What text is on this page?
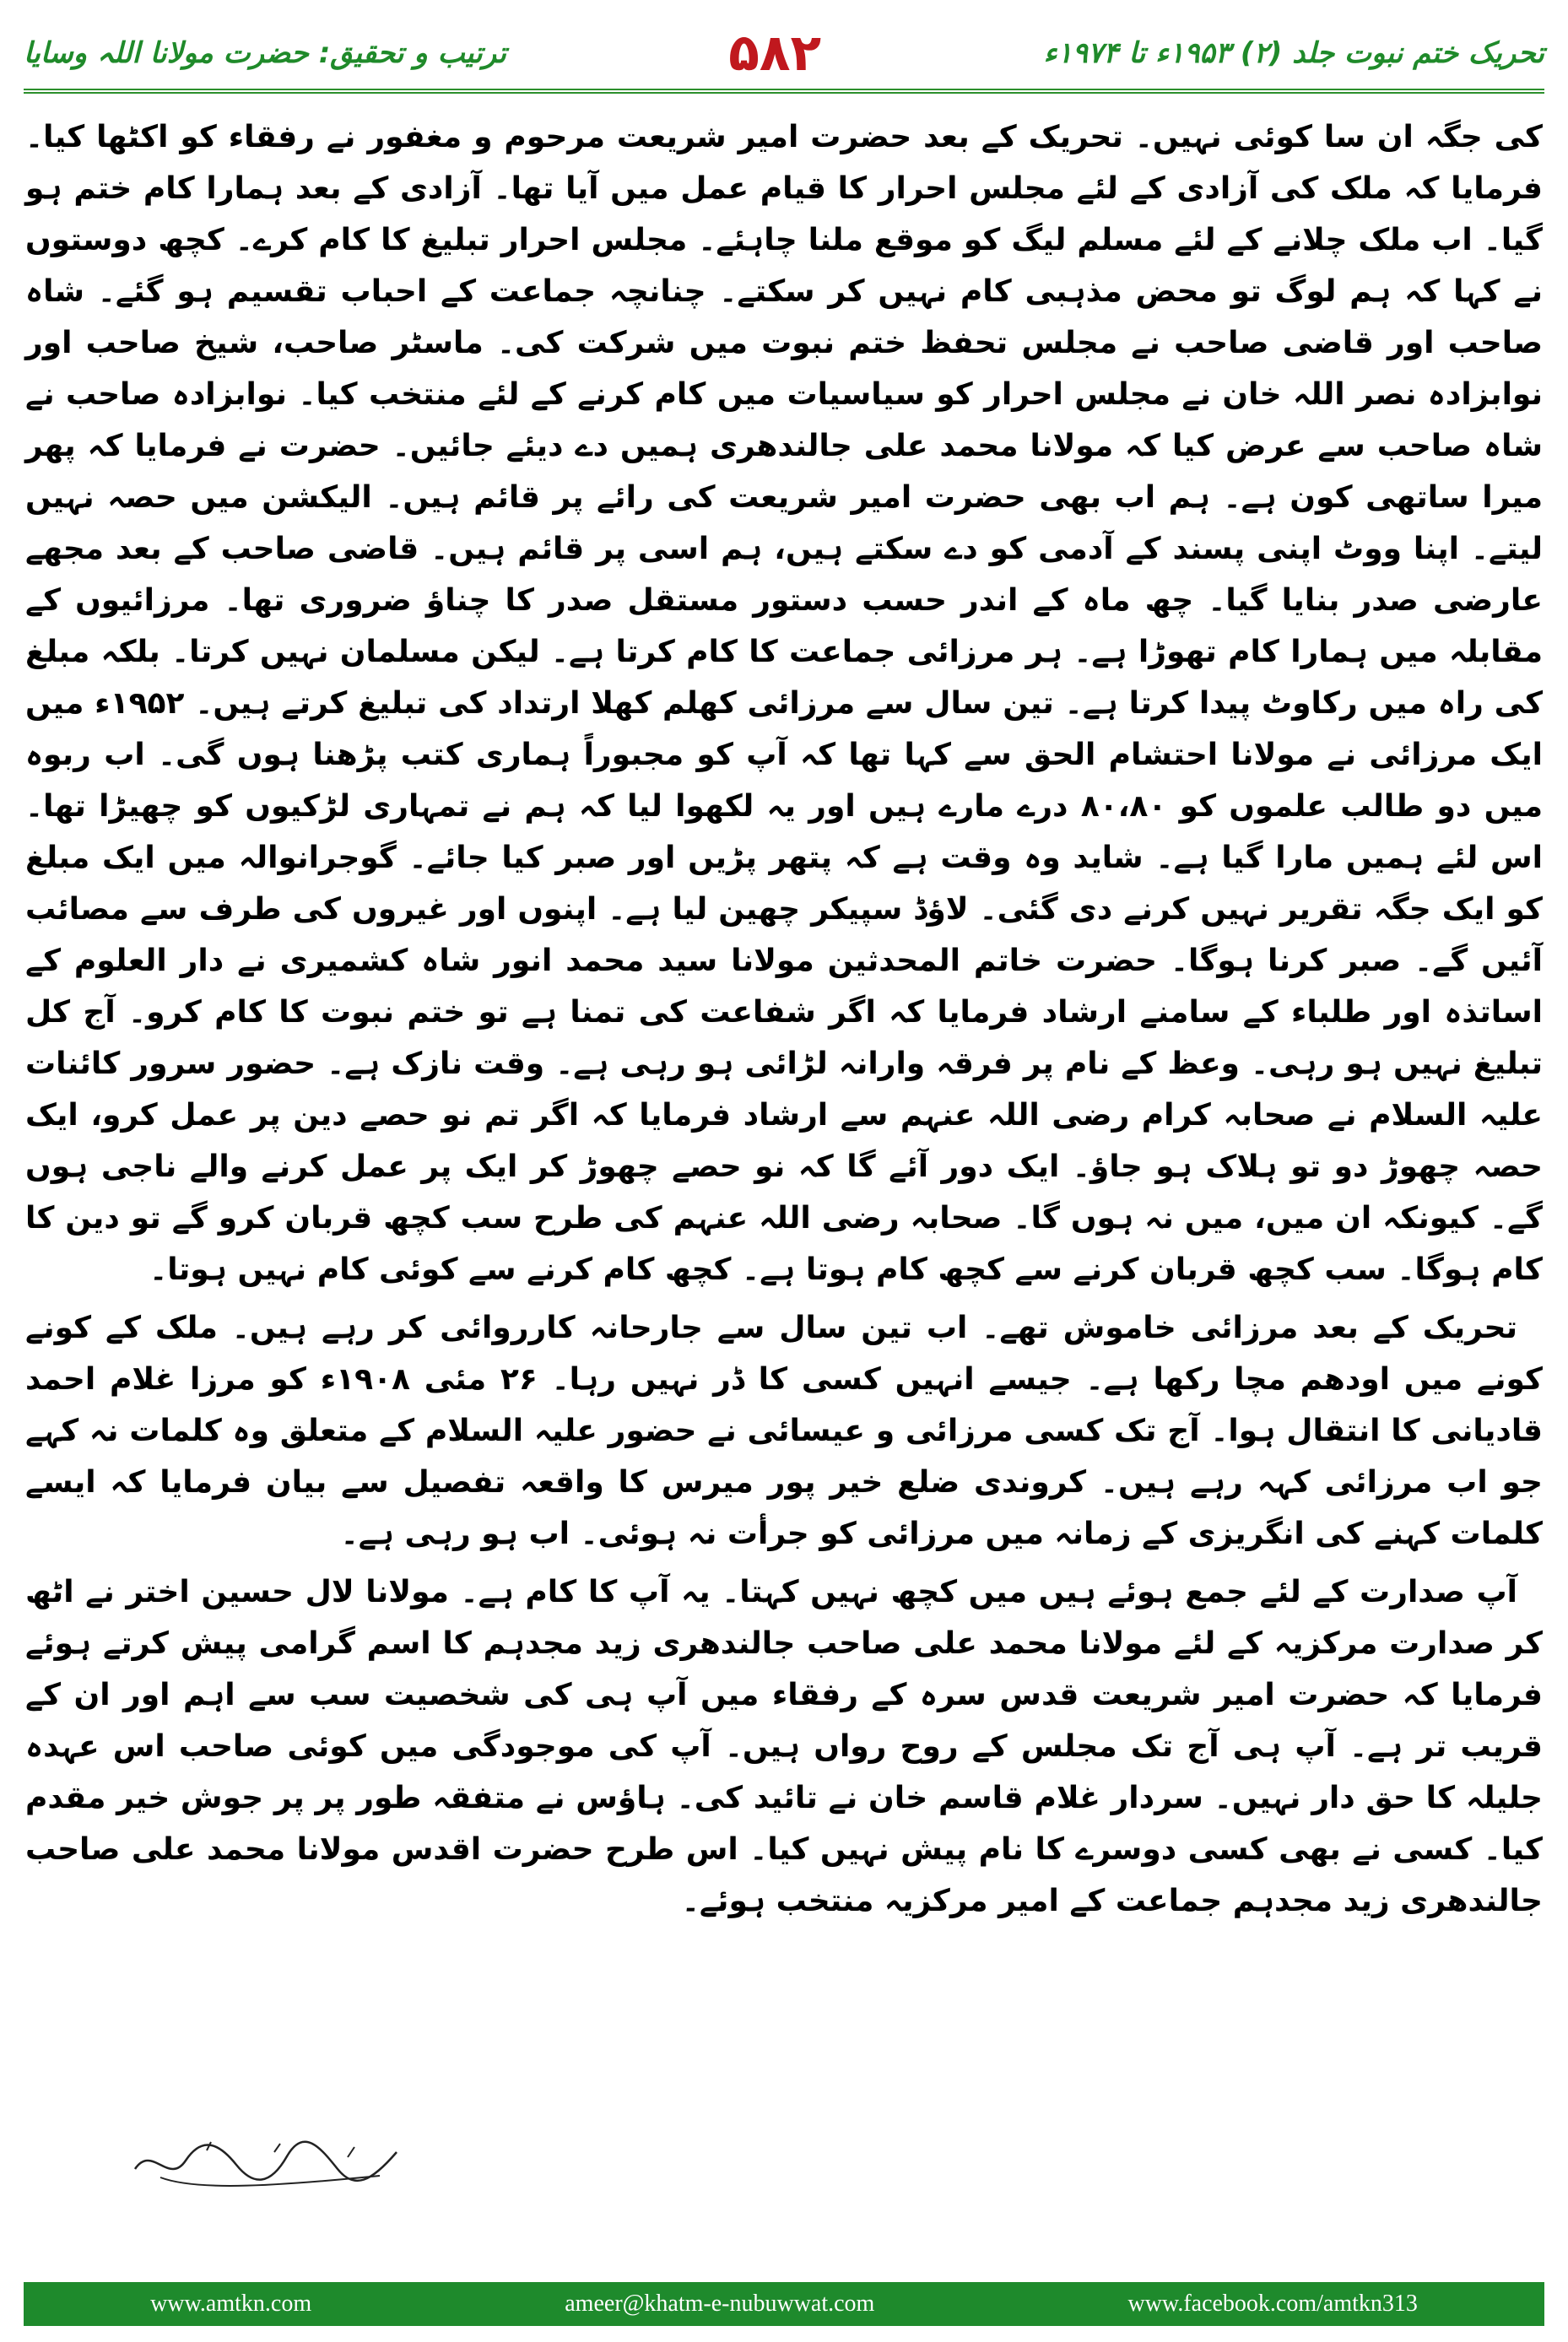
تحریک ختم نبوت جلد (۲) ۱۹۵۳ء تا ۱۹۷۴ء
۵۸۲
ترتیب و تحقیق: حضرت مولانا اللہ وسایا

کی جگہ ان سا کوئی نہیں۔ تحریک کے بعد حضرت امیر شریعت مرحوم و مغفور نے رفقاء کو اکٹھا کیا۔ فرمایا کہ ملک کی آزادی کے لئے مجلس احرار کا قیام عمل میں آیا تھا۔ آزادی کے بعد ہمارا کام ختم ہو گیا۔ اب ملک چلانے کے لئے مسلم لیگ کو موقع ملنا چاہئے۔ مجلس احرار تبلیغ کا کام کرے۔ کچھ دوستوں نے کہا کہ ہم لوگ تو محض مذہبی کام نہیں کر سکتے۔ چنانچہ جماعت کے احباب تقسیم ہو گئے۔ شاہ صاحب اور قاضی صاحب نے مجلس تحفظ ختم نبوت میں شرکت کی۔ ماسٹر صاحب، شیخ صاحب اور نوابزادہ نصر اللہ خان نے مجلس احرار کو سیاسیات میں کام کرنے کے لئے منتخب کیا۔ نوابزادہ صاحب نے شاہ صاحب سے عرض کیا کہ مولانا محمد علی جالندھری ہمیں دے دیئے جائیں۔ حضرت نے فرمایا کہ پھر میرا ساتھی کون ہے۔ ہم اب بھی حضرت امیر شریعت کی رائے پر قائم ہیں۔ الیکشن میں حصہ نہیں لیتے۔ اپنا ووٹ اپنی پسند کے آدمی کو دے سکتے ہیں، ہم اسی پر قائم ہیں۔ قاضی صاحب کے بعد مجھے عارضی صدر بنایا گیا۔ چھ ماہ کے اندر حسب دستور مستقل صدر کا چناؤ ضروری تھا۔ مرزائیوں کے مقابلہ میں ہمارا کام تھوڑا ہے۔ ہر مرزائی جماعت کا کام کرتا ہے۔ لیکن مسلمان نہیں کرتا۔ بلکہ مبلغ کی راہ میں رکاوٹ پیدا کرتا ہے۔ تین سال سے مرزائی کھلم کھلا ارتداد کی تبلیغ کرتے ہیں۔ ۱۹۵۲ء میں ایک مرزائی نے مولانا احتشام الحق سے کہا تھا کہ آپ کو مجبوراً ہماری کتب پڑھنا ہوں گی۔ اب ربوہ میں دو طالب علموں کو ۸۰،۸۰ درے مارے ہیں اور یہ لکھوا لیا کہ ہم نے تمہاری لڑکیوں کو چھیڑا تھا۔ اس لئے ہمیں مارا گیا ہے۔ شاید وہ وقت ہے کہ پتھر پڑیں اور صبر کیا جائے۔ گوجرانوالہ میں ایک مبلغ کو ایک جگہ تقریر نہیں کرنے دی گئی۔ لاؤڈ سپیکر چھین لیا ہے۔ اپنوں اور غیروں کی طرف سے مصائب آئیں گے۔ صبر کرنا ہوگا۔ حضرت خاتم المحدثین مولانا سید محمد انور شاہ کشمیری نے دار العلوم کے اساتذہ اور طلباء کے سامنے ارشاد فرمایا کہ اگر شفاعت کی تمنا ہے تو ختم نبوت کا کام کرو۔ آج کل تبلیغ نہیں ہو رہی۔ وعظ کے نام پر فرقہ وارانہ لڑائی ہو رہی ہے۔ وقت نازک ہے۔ حضور سرور کائنات علیہ السلام نے صحابہ کرام رضی اللہ عنہم سے ارشاد فرمایا کہ اگر تم نو حصے دین پر عمل کرو، ایک حصہ چھوڑ دو تو ہلاک ہو جاؤ۔ ایک دور آئے گا کہ نو حصے چھوڑ کر ایک پر عمل کرنے والے ناجی ہوں گے۔ کیونکہ ان میں، میں نہ ہوں گا۔ صحابہ رضی اللہ عنہم کی طرح سب کچھ قربان کرو گے تو دین کا کام ہوگا۔ سب کچھ قربان کرنے سے کچھ کام ہوتا ہے۔ کچھ کام کرنے سے کوئی کام نہیں ہوتا۔

تحریک کے بعد مرزائی خاموش تھے۔ اب تین سال سے جارحانہ کارروائی کر رہے ہیں۔ ملک کے کونے کونے میں اودھم مچا رکھا ہے۔ جیسے انہیں کسی کا ڈر نہیں رہا۔ ۲۶ مئی ۱۹۰۸ء کو مرزا غلام احمد قادیانی کا انتقال ہوا۔ آج تک کسی مرزائی و عیسائی نے حضور علیہ السلام کے متعلق وہ کلمات نہ کہے جو اب مرزائی کہہ رہے ہیں۔ کروندی ضلع خیر پور میرس کا واقعہ تفصیل سے بیان فرمایا کہ ایسے کلمات کہنے کی انگریزی کے زمانہ میں مرزائی کو جرأت نہ ہوئی۔ اب ہو رہی ہے۔

آپ صدارت کے لئے جمع ہوئے ہیں میں کچھ نہیں کہتا۔ یہ آپ کا کام ہے۔ مولانا لال حسین اختر نے اٹھ کر صدارت مرکزیہ کے لئے مولانا محمد علی صاحب جالندھری زید مجدہم کا اسم گرامی پیش کرتے ہوئے فرمایا کہ حضرت امیر شریعت قدس سرہ کے رفقاء میں آپ ہی کی شخصیت سب سے اہم اور ان کے قریب تر ہے۔ آپ ہی آج تک مجلس کے روح رواں ہیں۔ آپ کی موجودگی میں کوئی صاحب اس عہدہ جلیلہ کا حق دار نہیں۔ سردار غلام قاسم خان نے تائید کی۔ ہاؤس نے متفقہ طور پر پر جوش خیر مقدم کیا۔ کسی نے بھی کسی دوسرے کا نام پیش نہیں کیا۔ اس طرح حضرت اقدس مولانا محمد علی صاحب جالندھری زید مجدہم جماعت کے امیر مرکزیہ منتخب ہوئے۔

www.amtkn.com	ameer@khatm-e-nubuwwat.com	www.facebook.com/amtkn313
